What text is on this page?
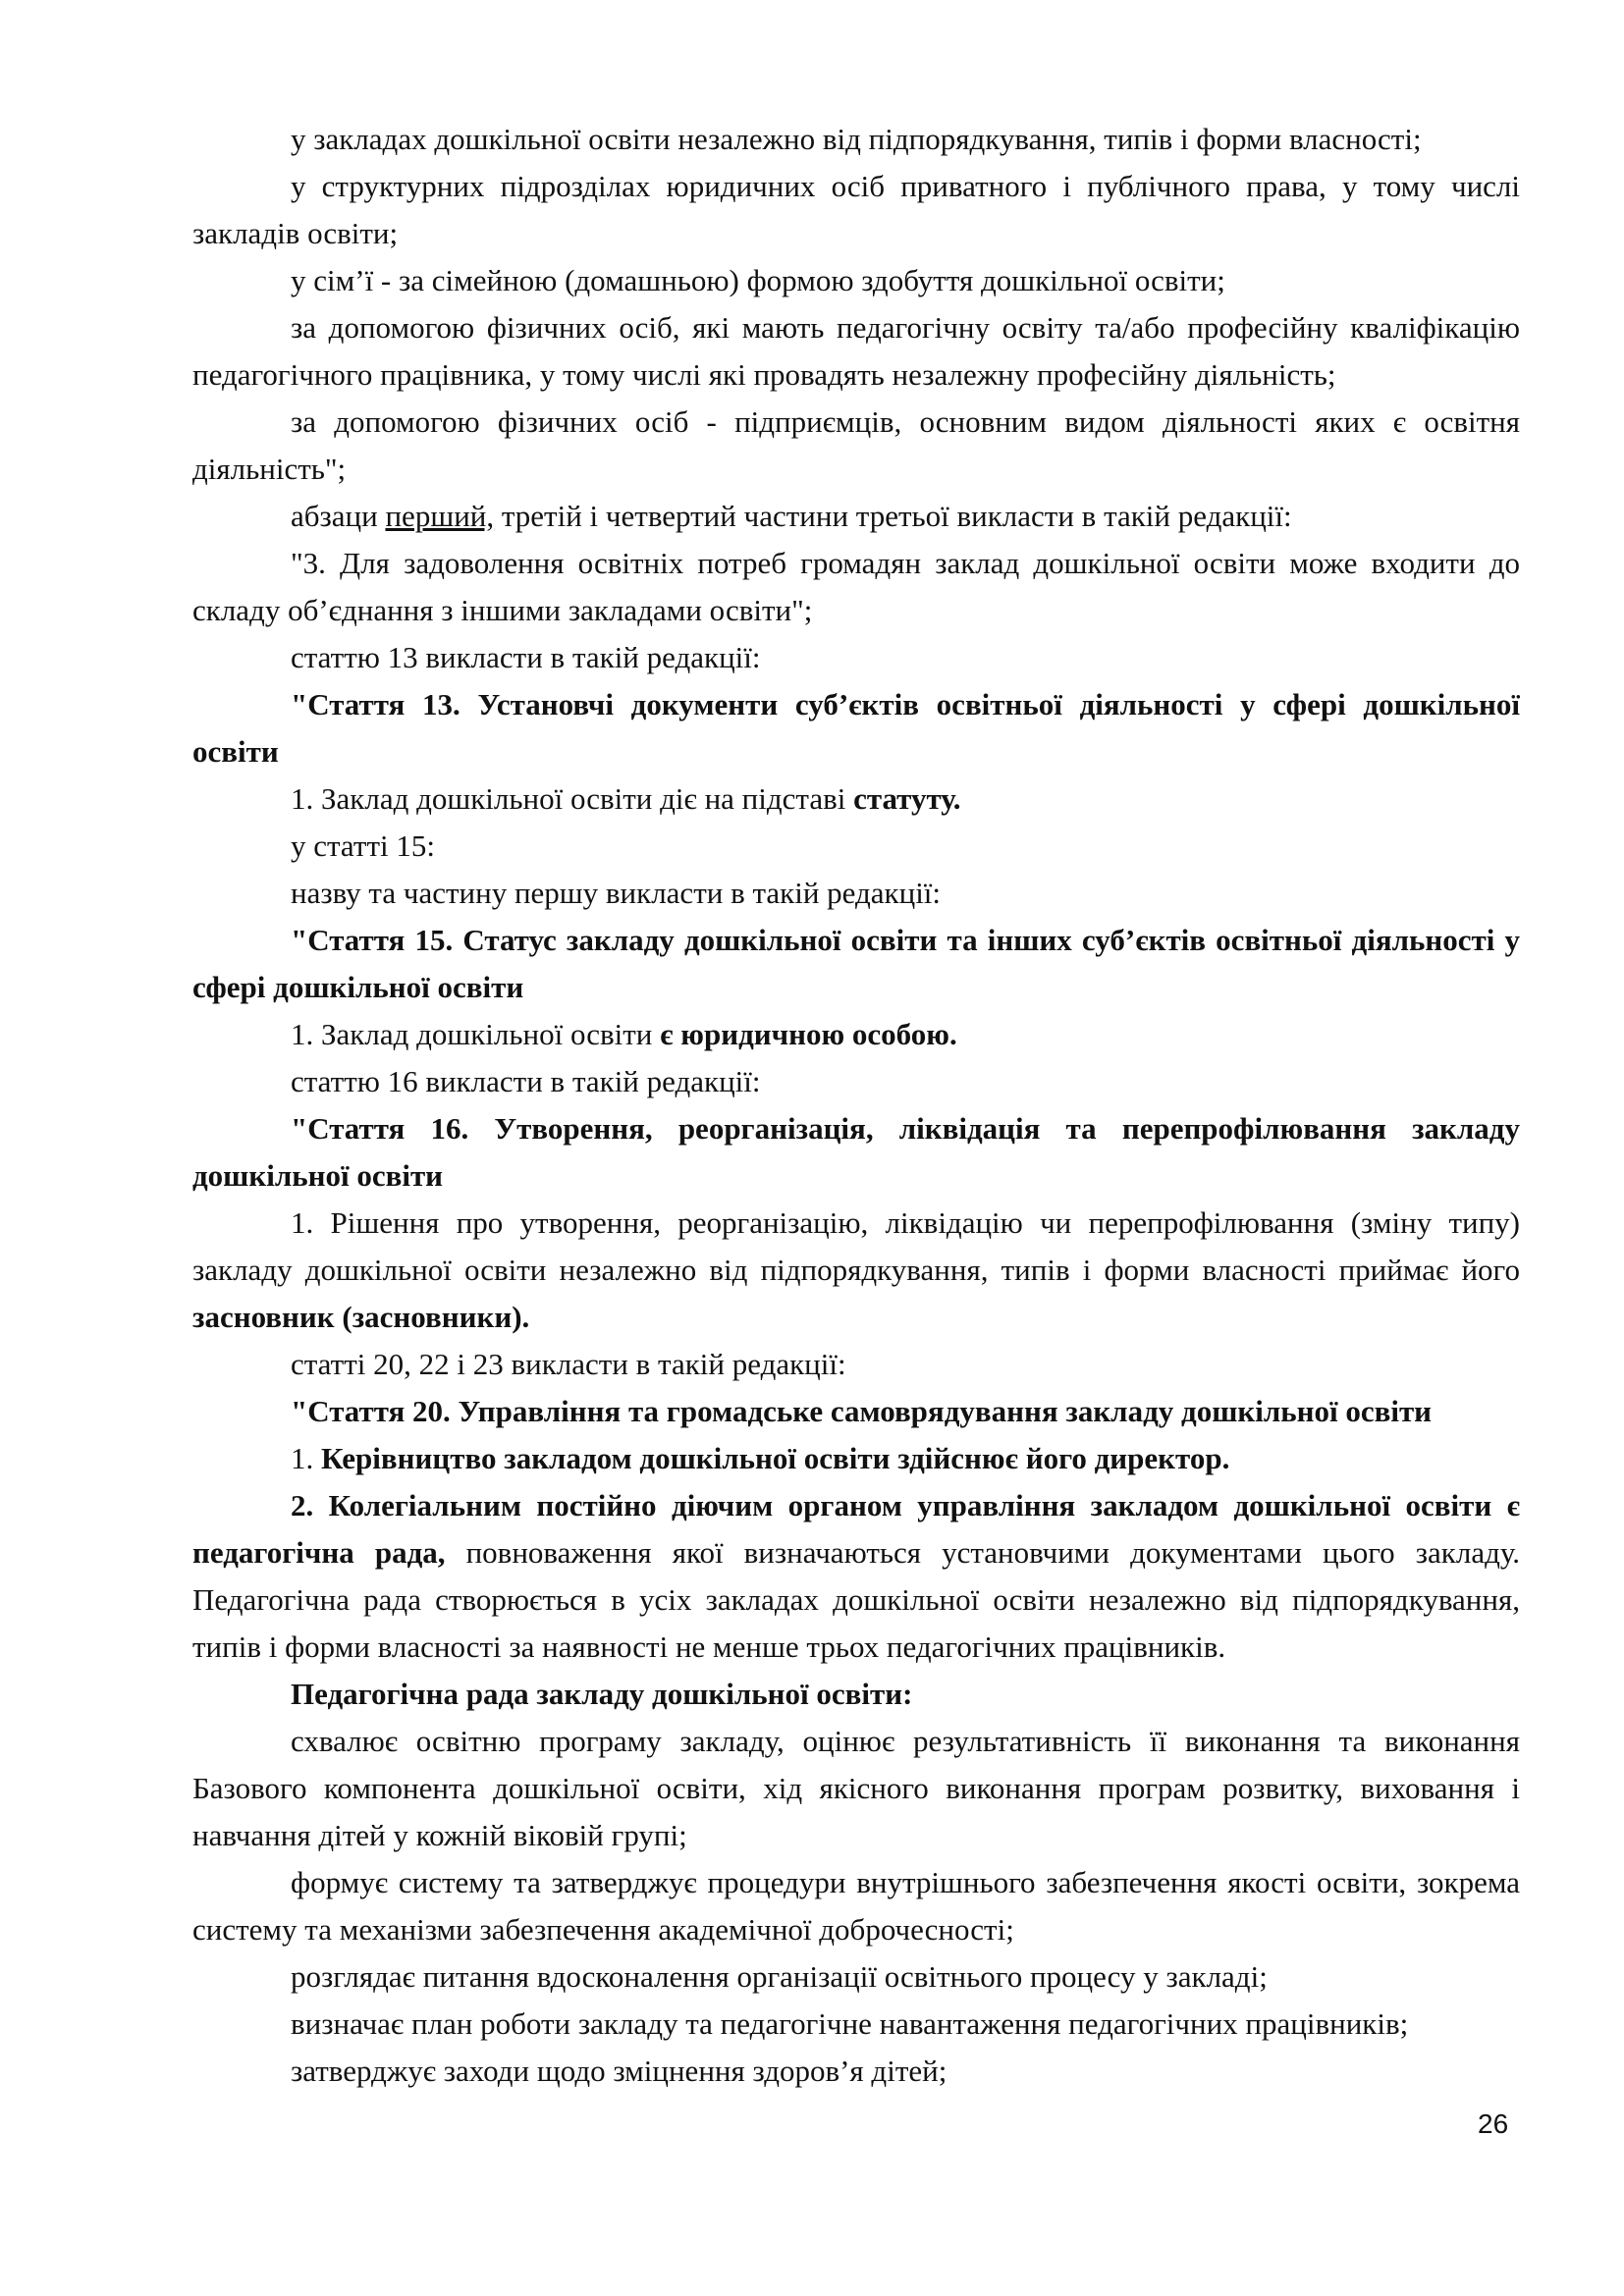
у закладах дошкільної освіти незалежно від підпорядкування, типів і форми власності;

у структурних підрозділах юридичних осіб приватного і публічного права, у тому числі закладів освіти;

у сім’ї - за сімейною (домашньою) формою здобуття дошкільної освіти;

за допомогою фізичних осіб, які мають педагогічну освіту та/або професійну кваліфікацію педагогічного працівника, у тому числі які провадять незалежну професійну діяльність;

за допомогою фізичних осіб - підприємців, основним видом діяльності яких є освітня діяльність";

абзаци перший, третій і четвертий частини третьої викласти в такій редакції:

"3. Для задоволення освітніх потреб громадян заклад дошкільної освіти може входити до складу об’єднання з іншими закладами освіти";

статтю 13 викласти в такій редакції:

"Стаття 13. Установчі документи суб’єктів освітньої діяльності у сфері дошкільної освіти

1. Заклад дошкільної освіти діє на підставі статуту.

у статті 15:

назву та частину першу викласти в такій редакції:

"Стаття 15. Статус закладу дошкільної освіти та інших суб’єктів освітньої діяльності у сфері дошкільної освіти

1. Заклад дошкільної освіти є юридичною особою.

статтю 16 викласти в такій редакції:

"Стаття 16. Утворення, реорганізація, ліквідація та перепрофілювання закладу дошкільної освіти

1. Рішення про утворення, реорганізацію, ліквідацію чи перепрофілювання (зміну типу) закладу дошкільної освіти незалежно від підпорядкування, типів і форми власності приймає його засновник (засновники).

статті 20, 22 і 23 викласти в такій редакції:

"Стаття 20. Управління та громадське самоврядування закладу дошкільної освіти

1. Керівництво закладом дошкільної освіти здійснює його директор.

2. Колегіальним постійно діючим органом управління закладом дошкільної освіти є педагогічна рада, повноваження якої визначаються установчими документами цього закладу. Педагогічна рада створюється в усіх закладах дошкільної освіти незалежно від підпорядкування, типів і форми власності за наявності не менше трьох педагогічних працівників.

Педагогічна рада закладу дошкільної освіти:

схвалює освітню програму закладу, оцінює результативність її виконання та виконання Базового компонента дошкільної освіти, хід якісного виконання програм розвитку, виховання і навчання дітей у кожній віковій групі;

формує систему та затверджує процедури внутрішнього забезпечення якості освіти, зокрема систему та механізми забезпечення академічної доброчесності;

розглядає питання вдосконалення організації освітнього процесу у закладі;

визначає план роботи закладу та педагогічне навантаження педагогічних працівників;

затверджує заходи щодо зміцнення здоров’я дітей;

26
